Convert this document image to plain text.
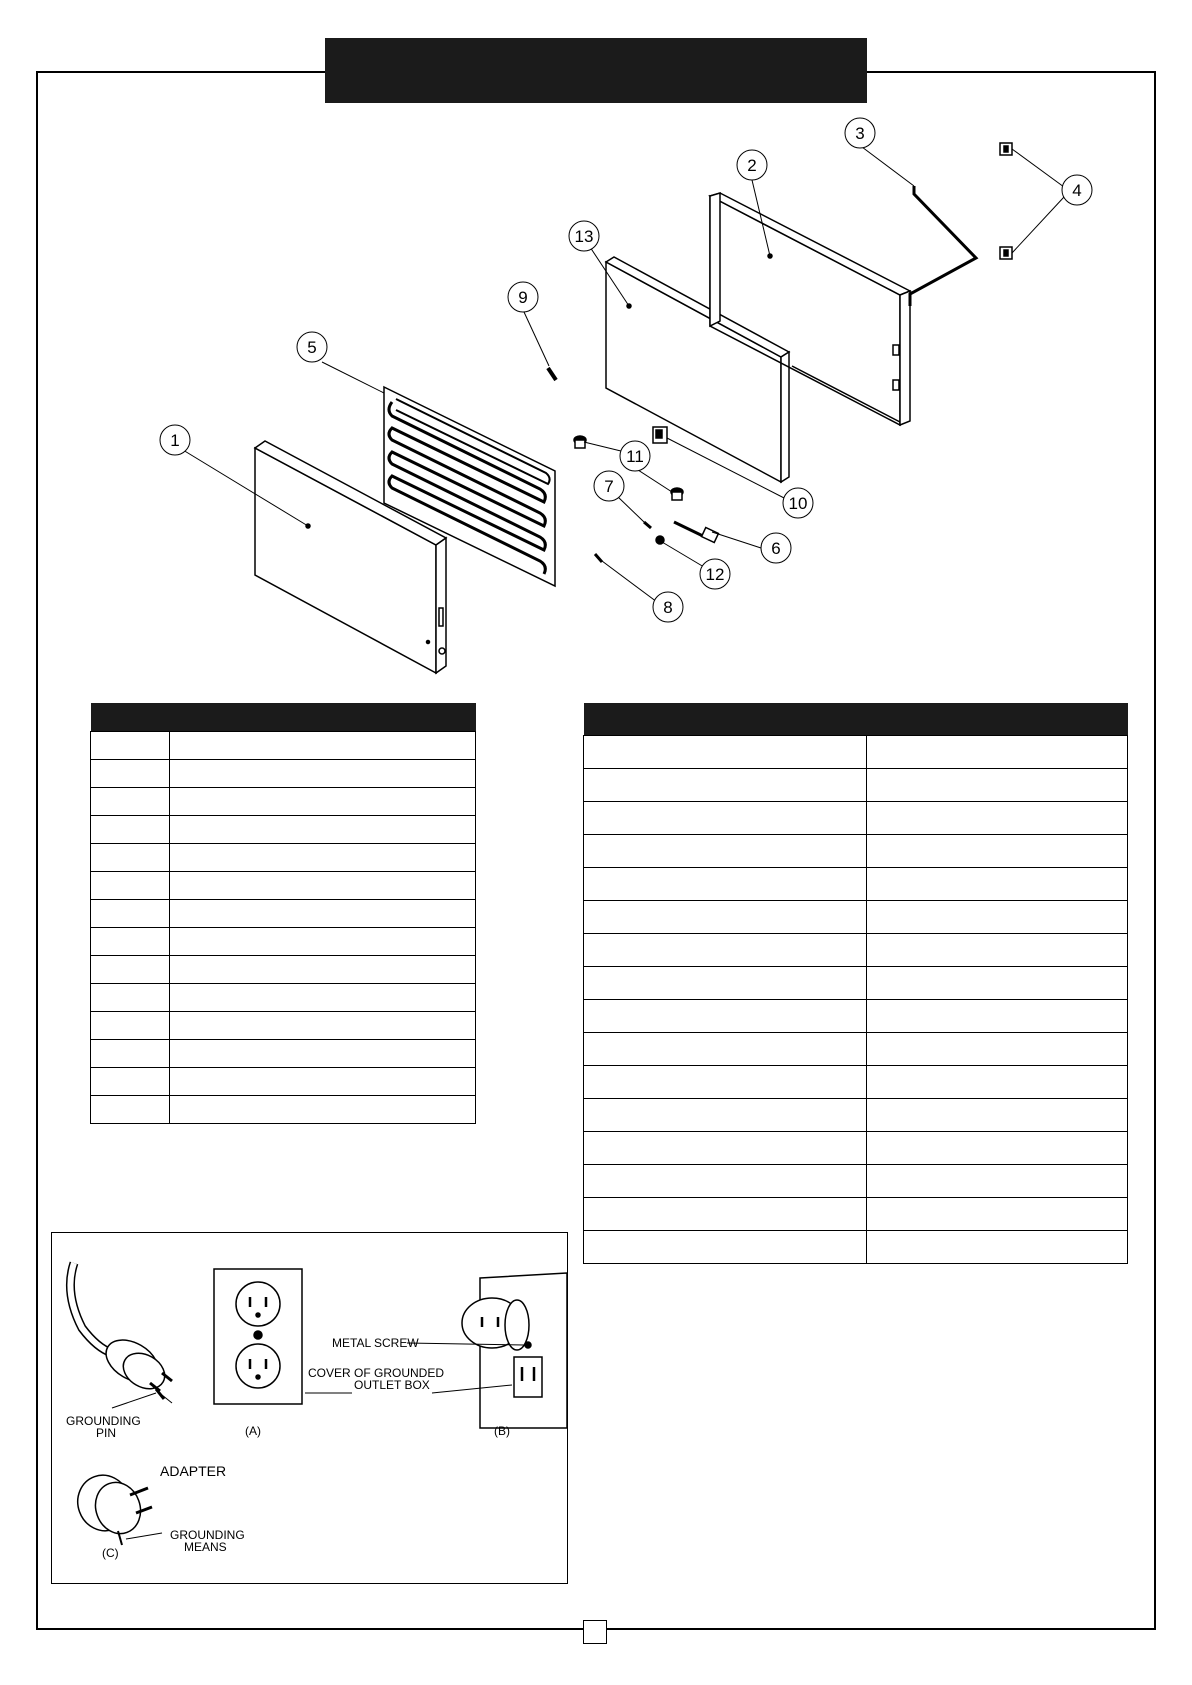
1
2
3
4
5
6
7
8
9
10
11
12
13

GROUNDING
PIN	(A)	(B)
METAL SCREW
COVER OF GROUNDED
OUTLET BOX
ADAPTER
GROUNDING
MEANS
(C)
